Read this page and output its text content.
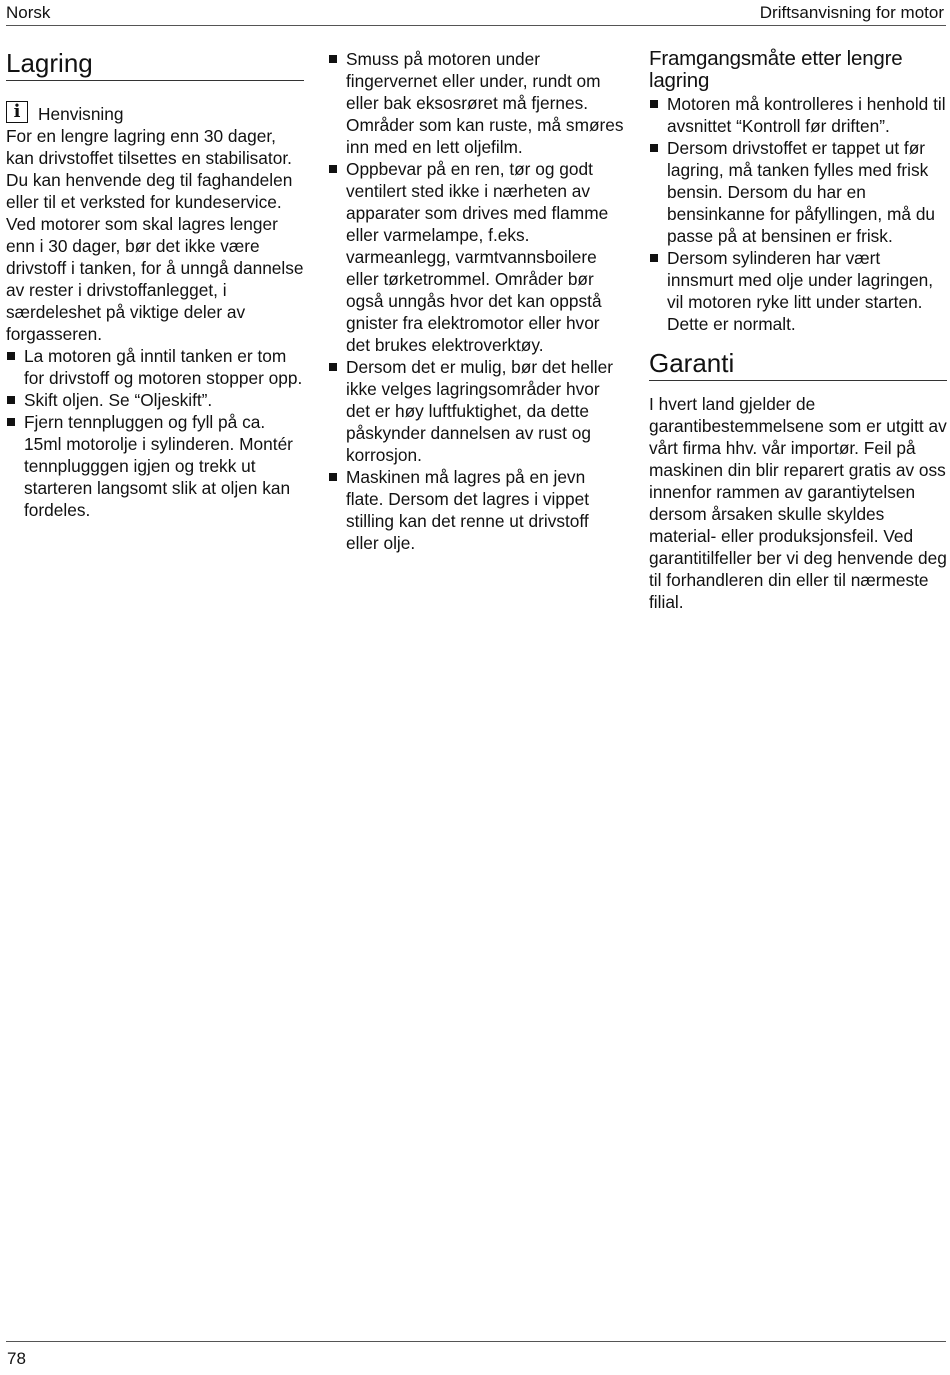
Norsk	Driftsanvisning for motor
Lagring
i	Henvisning

For en lengre lagring enn 30 dager, kan drivstoffet tilsettes en stabilisator. Du kan henvende deg til faghandelen eller til et verksted for kundeservice.

Ved motorer som skal lagres lenger enn i 30 dager, bør det ikke være drivstoff i tanken, for å unngå dannelse av rester i drivstoffanlegget, i særdeleshet på viktige deler av forgasseren.

La motoren gå inntil tanken er tom for drivstoff og motoren stopper opp.
Skift oljen. Se “Oljeskift”.
Fjern tennpluggen og fyll på ca. 15ml motorolje i sylinderen. Montér tennplugggen igjen og trekk ut starteren langsomt slik at oljen kan fordeles.
Smuss på motoren under fingervernet eller under, rundt om eller bak eksosrøret må fjernes. Områder som kan ruste, må smøres inn med en lett oljefilm.
Oppbevar på en ren, tør og godt ventilert sted ikke i nærheten av apparater som drives med flamme eller varmelampe, f.eks. varmeanlegg, varmtvannsboilere eller tørketrommel. Områder bør også unngås hvor det kan oppstå gnister fra elektromotor eller hvor det brukes elektroverktøy.
Dersom det er mulig, bør det heller ikke velges lagringsområder hvor det er høy luftfuktighet, da dette påskynder dannelsen av rust og korrosjon.
Maskinen må lagres på en jevn flate. Dersom det lagres i vippet stilling kan det renne ut drivstoff eller olje.
Framgangsmåte etter lengre lagring
Motoren må kontrolleres i henhold til avsnittet “Kontroll før driften”.
Dersom drivstoffet er tappet ut før lagring, må tanken fylles med frisk bensin. Dersom du har en bensinkanne for påfyllingen, må du passe på at bensinen er frisk.
Dersom sylinderen har vært innsmurt med olje under lagringen, vil motoren ryke litt under starten. Dette er normalt.
Garanti

I hvert land gjelder de garantibestemmelsene som er utgitt av vårt firma hhv. vår importør. Feil på maskinen din blir reparert gratis av oss innenfor rammen av garantiytelsen dersom årsaken skulle skyldes material- eller produksjonsfeil. Ved garantitilfeller ber vi deg henvende deg til forhandleren din eller til nærmeste filial.

78
